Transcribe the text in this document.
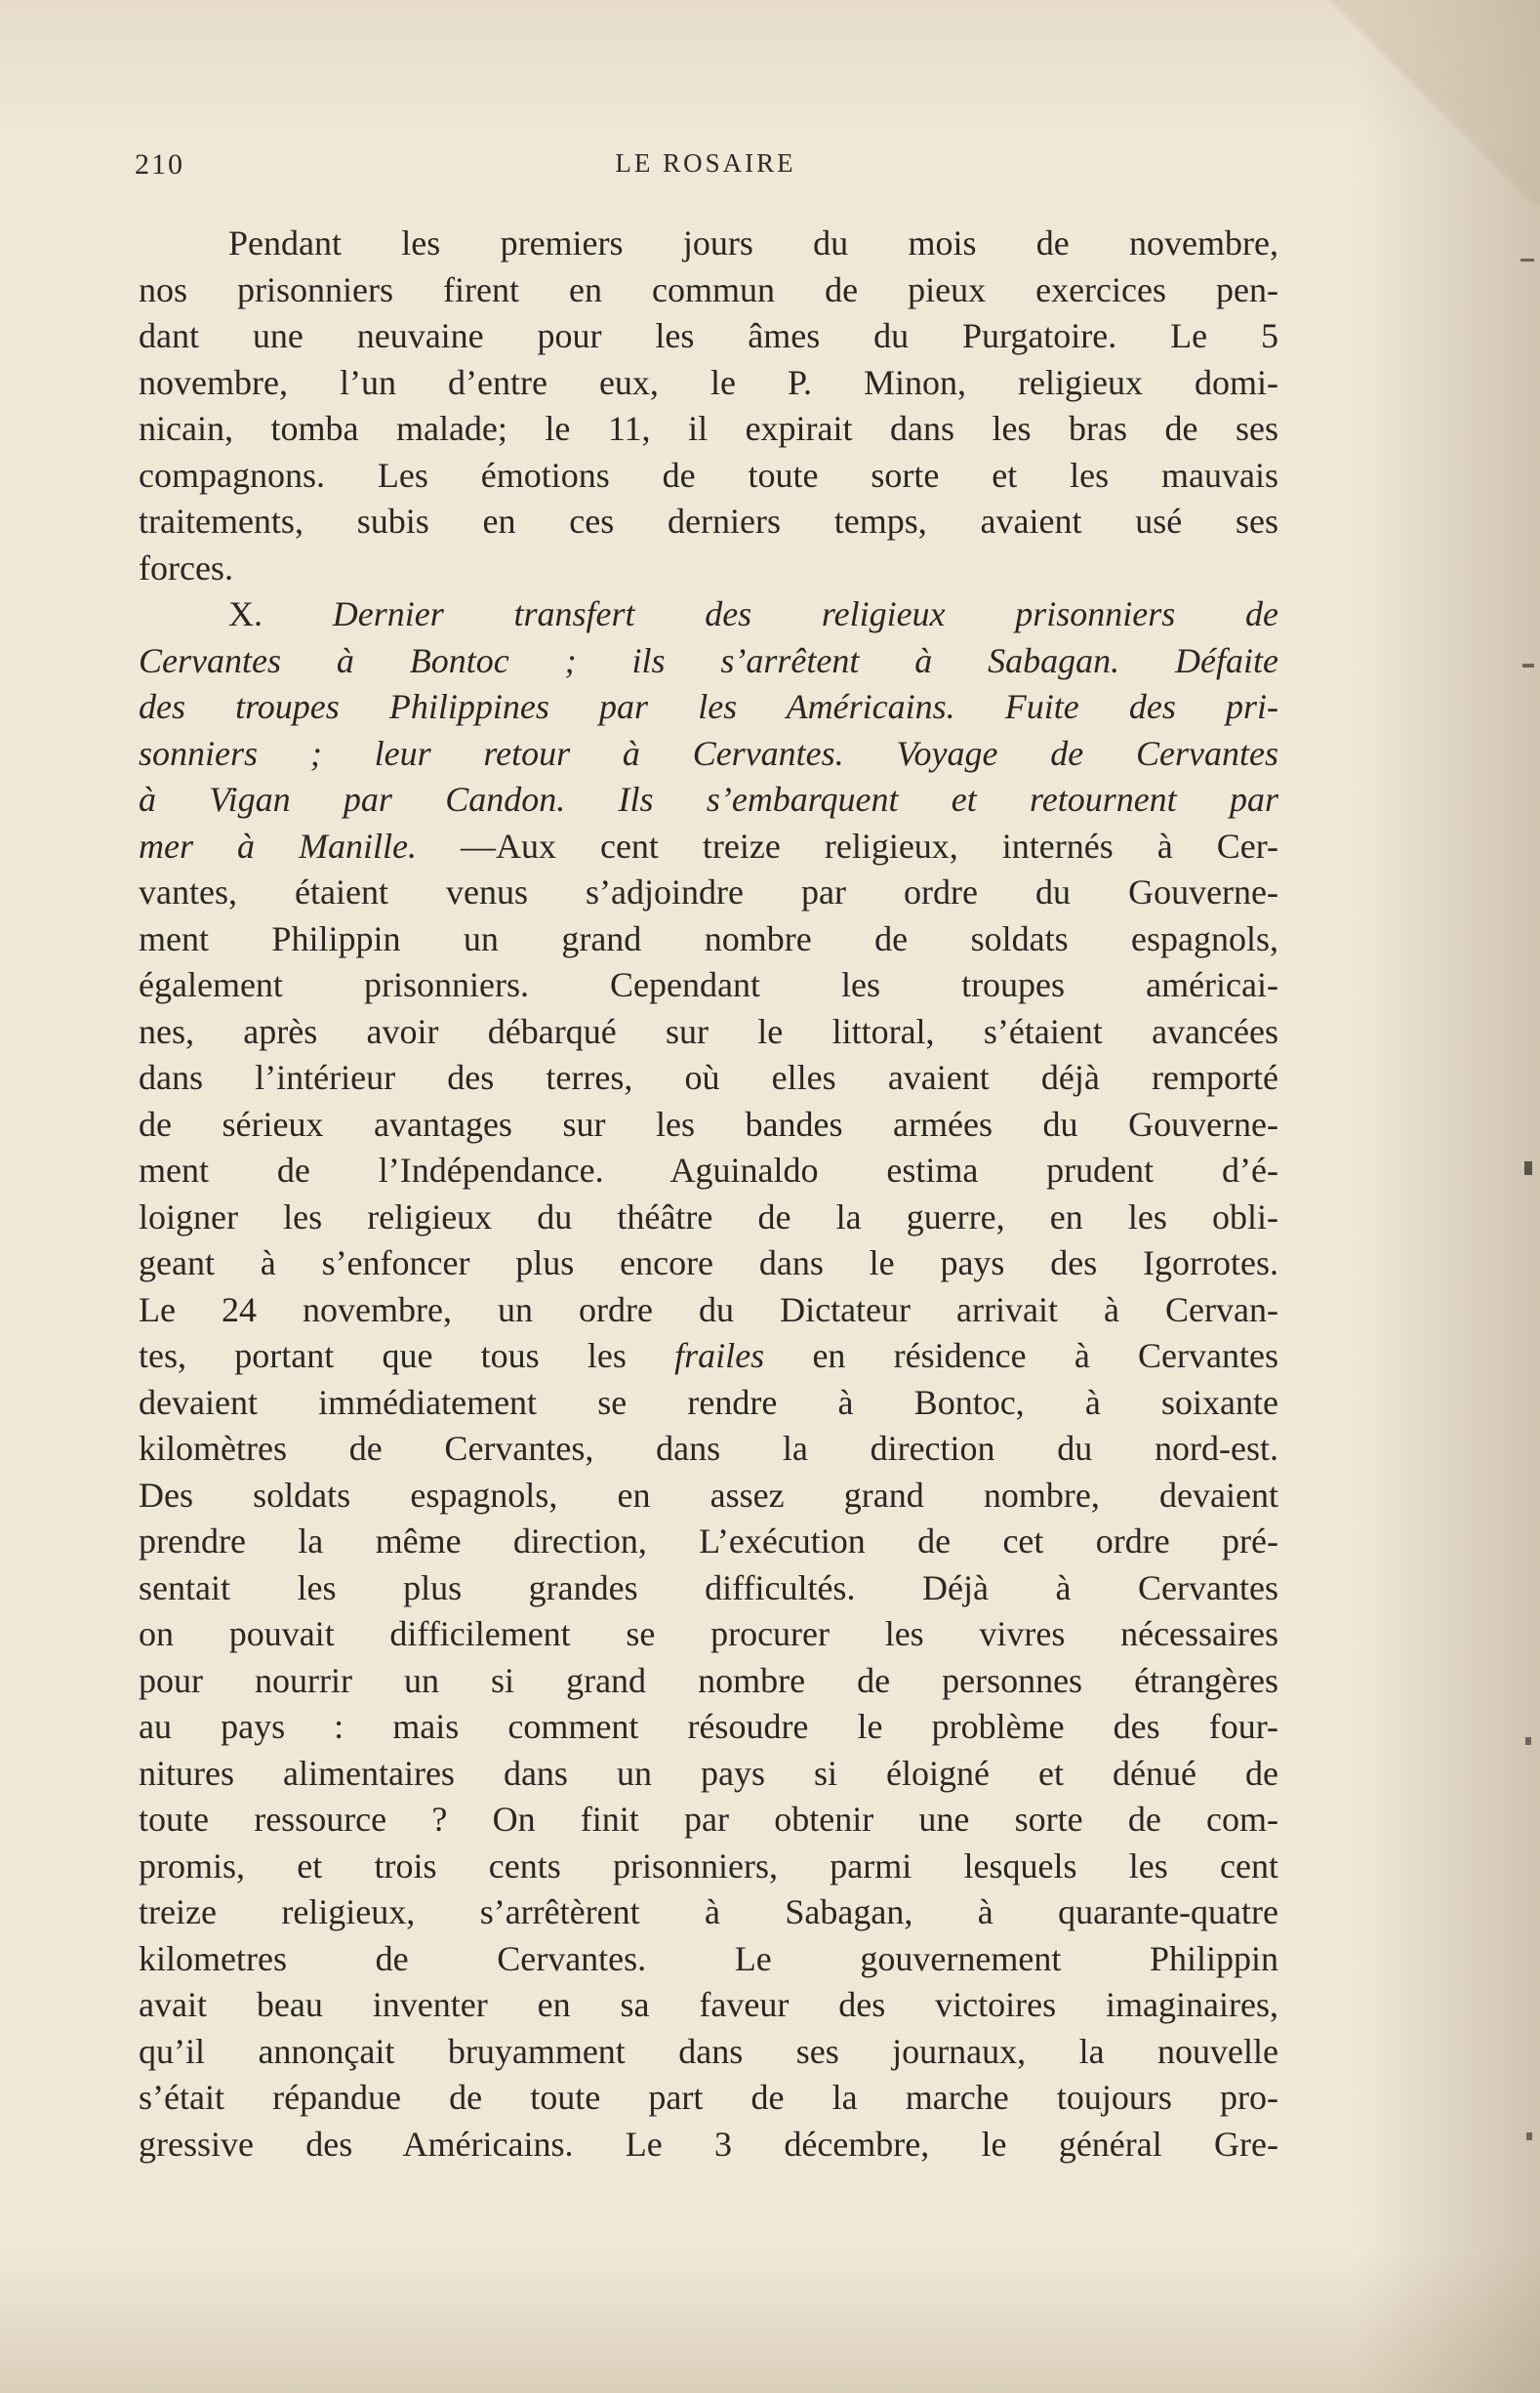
210	LE ROSAIRE
Pendant les premiers jours du mois de novembre,
nos prisonniers firent en commun de pieux exercices pen-
dant une neuvaine pour les âmes du Purgatoire. Le 5
novembre, l’un d’entre eux, le P. Minon, religieux domi-
nicain, tomba malade; le 11, il expirait dans les bras de ses
compagnons. Les émotions de toute sorte et les mauvais
traitements, subis en ces derniers temps, avaient usé ses
forces.
X. Dernier transfert des religieux prisonniers de
Cervantes à Bontoc ; ils s’arrêtent à Sabagan. Défaite
des troupes Philippines par les Américains. Fuite des pri-
sonniers ; leur retour à Cervantes. Voyage de Cervantes
à Vigan par Candon. Ils s’embarquent et retournent par
mer à Manille. —Aux cent treize religieux, internés à Cer-
vantes, étaient venus s’adjoindre par ordre du Gouverne-
ment Philippin un grand nombre de soldats espagnols,
également prisonniers. Cependant les troupes américai-
nes, après avoir débarqué sur le littoral, s’étaient avancées
dans l’intérieur des terres, où elles avaient déjà remporté
de sérieux avantages sur les bandes armées du Gouverne-
ment de l’Indépendance. Aguinaldo estima prudent d’é-
loigner les religieux du théâtre de la guerre, en les obli-
geant à s’enfoncer plus encore dans le pays des Igorrotes.
Le 24 novembre, un ordre du Dictateur arrivait à Cervan-
tes, portant que tous les frailes en résidence à Cervantes
devaient immédiatement se rendre à Bontoc, à soixante
kilomètres de Cervantes, dans la direction du nord-est.
Des soldats espagnols, en assez grand nombre, devaient
prendre la même direction, L’exécution de cet ordre pré-
sentait les plus grandes difficultés. Déjà à Cervantes
on pouvait difficilement se procurer les vivres nécessaires
pour nourrir un si grand nombre de personnes étrangères
au pays : mais comment résoudre le problème des four-
nitures alimentaires dans un pays si éloigné et dénué de
toute ressource ? On finit par obtenir une sorte de com-
promis, et trois cents prisonniers, parmi lesquels les cent
treize religieux, s’arrêtèrent à Sabagan, à quarante-quatre
kilometres de Cervantes. Le gouvernement Philippin
avait beau inventer en sa faveur des victoires imaginaires,
qu’il annonçait bruyamment dans ses journaux, la nouvelle
s’était répandue de toute part de la marche toujours pro-
gressive des Américains. Le 3 décembre, le général Gre-
